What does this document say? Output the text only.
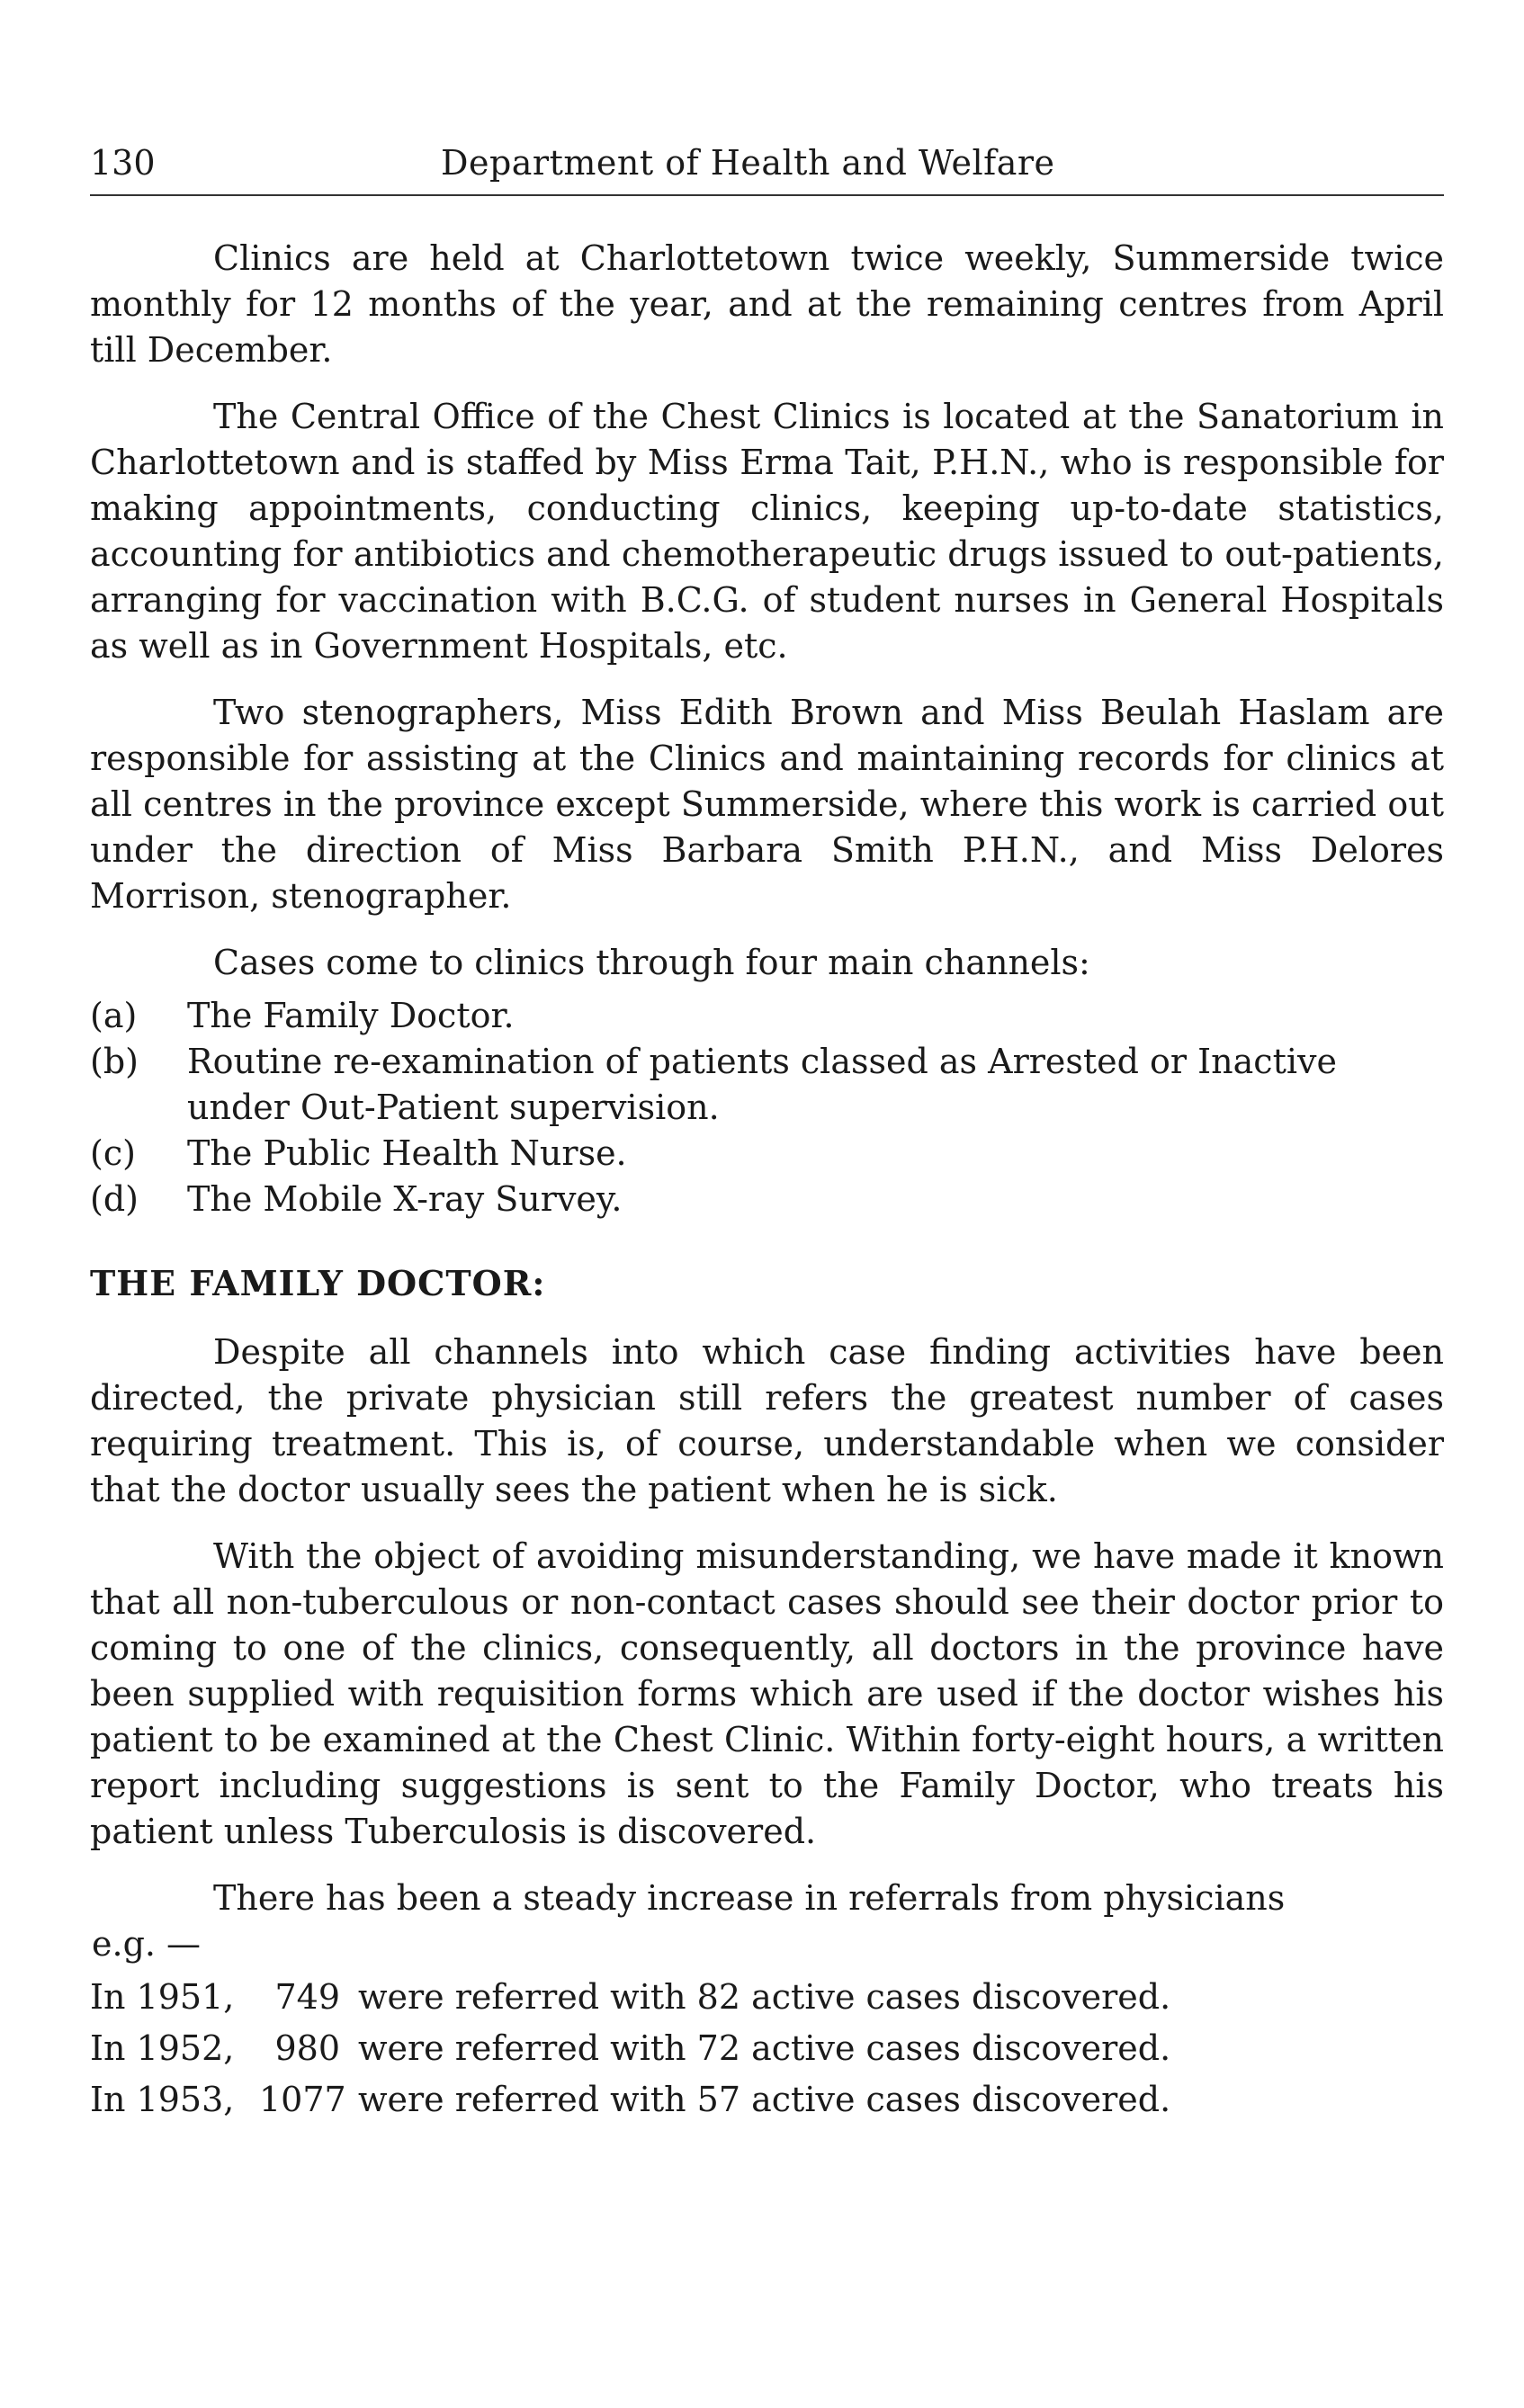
130	Department of Health and Welfare

Clinics are held at Charlottetown twice weekly, Summerside twice monthly for 12 months of the year, and at the remaining centres from April till December.

The Central Office of the Chest Clinics is located at the Sanatorium in Charlottetown and is staffed by Miss Erma Tait, P.H.N., who is responsible for making appointments, conducting clinics, keeping up-to-date statistics, accounting for antibiotics and chemotherapeutic drugs issued to out-patients, arranging for vaccination with B.C.G. of student nurses in General Hospitals as well as in Government Hospitals, etc.

Two stenographers, Miss Edith Brown and Miss Beulah Haslam are responsible for assisting at the Clinics and maintaining records for clinics at all centres in the province except Summerside, where this work is carried out under the direction of Miss Barbara Smith P.H.N., and Miss Delores Morrison, stenographer.

Cases come to clinics through four main channels:

(a) The Family Doctor.
(b) Routine re-examination of patients classed as Arrested or Inactive under Out-Patient supervision.
(c) The Public Health Nurse.
(d) The Mobile X-ray Survey.
THE FAMILY DOCTOR:

Despite all channels into which case finding activities have been directed, the private physician still refers the greatest number of cases requiring treatment. This is, of course, understandable when we consider that the doctor usually sees the patient when he is sick.

With the object of avoiding misunderstanding, we have made it known that all non-tuberculous or non-contact cases should see their doctor prior to coming to one of the clinics, consequently, all doctors in the province have been supplied with requisition forms which are used if the doctor wishes his patient to be examined at the Chest Clinic. Within forty-eight hours, a written report including suggestions is sent to the Family Doctor, who treats his patient unless Tuberculosis is discovered.

There has been a steady increase in referrals from physicians

e.g. —
In 1951,	749 were referred with 82 active cases discovered.
In 1952,	980 were referred with 72 active cases discovered.
In 1953, 1077 were referred with 57 active cases discovered.
